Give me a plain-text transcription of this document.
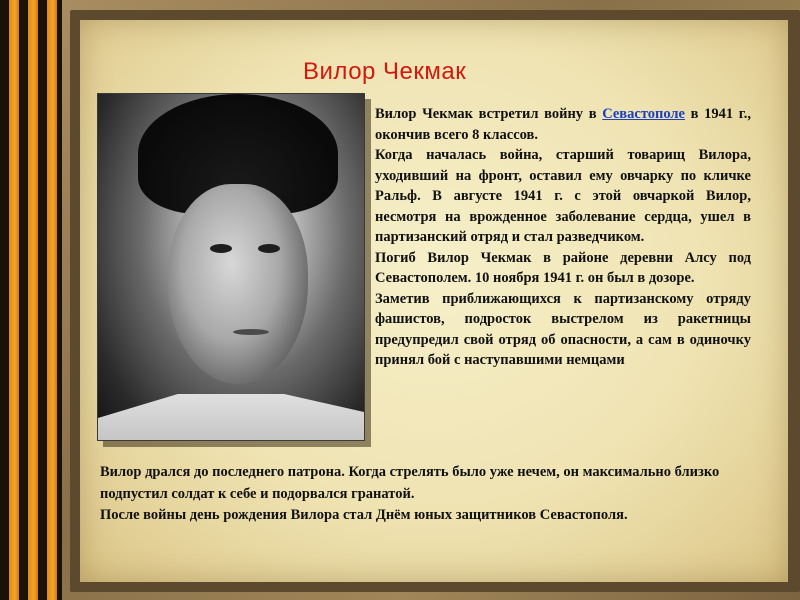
Вилор Чекмак

Вилор Чекмак встретил войну в Севастополе в 1941 г., окончив всего 8 классов.

Когда началась война, старший товарищ Вилора, уходивший на фронт, оставил ему овчарку по кличке Ральф. В августе 1941 г. с этой овчаркой Вилор, несмотря на врожденное заболевание сердца, ушел в партизанский отряд и стал разведчиком.

Погиб Вилор Чекмак в районе деревни Алсу под Севастополем. 10 ноября 1941 г. он был в дозоре.

Заметив приближающихся к партизанскому отряду фашистов, подросток выстрелом из ракетницы предупредил свой отряд об опасности, а сам в одиночку принял бой с наступавшими немцами

Вилор дрался до последнего патрона. Когда стрелять было уже нечем, он максимально близко подпустил солдат к себе и подорвался гранатой.

После войны день рождения Вилора стал Днём юных защитников Севастополя.
